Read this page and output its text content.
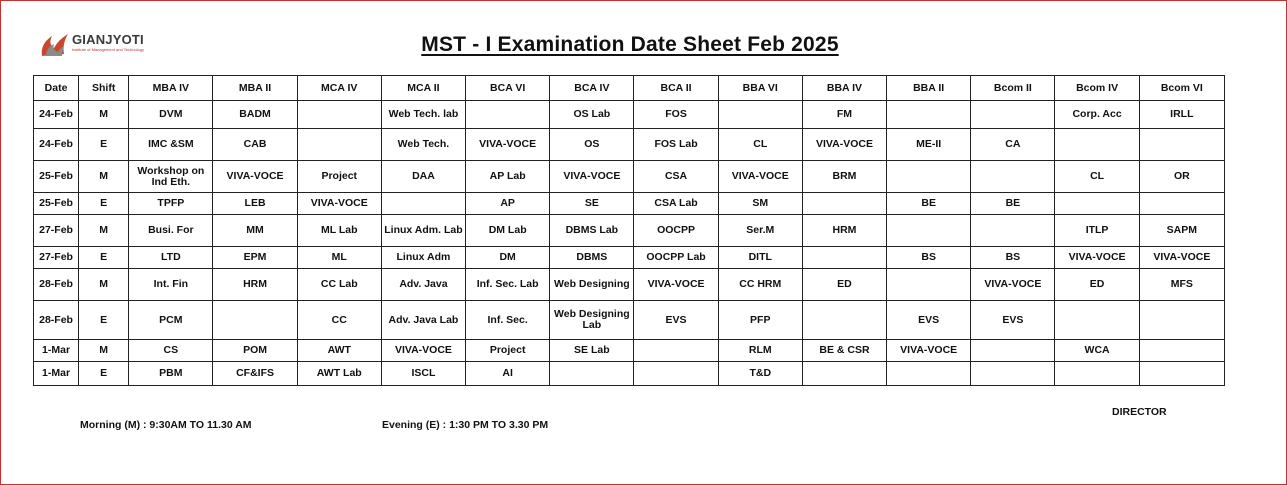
GIANJYOTI
Institute of Management and Technology	MST - I Examination Date Sheet Feb 2025
Date	Shift	MBA IV	MBA II	MCA IV	MCA II	BCA VI	BCA IV	BCA II	BBA VI	BBA IV	BBA II	Bcom II	Bcom IV	Bcom VI
24-Feb	M	DVM	BADM		Web Tech. lab		OS Lab	FOS		FM			Corp. Acc	IRLL
24-Feb	E	IMC &SM	CAB		Web Tech.	VIVA-VOCE	OS	FOS Lab	CL	VIVA-VOCE	ME-II	CA		
25-Feb	M	Workshop on Ind Eth.	VIVA-VOCE	Project	DAA	AP Lab	VIVA-VOCE	CSA	VIVA-VOCE	BRM			CL	OR
25-Feb	E	TPFP	LEB	VIVA-VOCE		AP	SE	CSA Lab	SM		BE	BE		
27-Feb	M	Busi. For	MM	ML Lab	Linux Adm. Lab	DM Lab	DBMS Lab	OOCPP	Ser.M	HRM			ITLP	SAPM
27-Feb	E	LTD	EPM	ML	Linux Adm	DM	DBMS	OOCPP Lab	DITL		BS	BS	VIVA-VOCE	VIVA-VOCE
28-Feb	M	Int. Fin	HRM	CC Lab	Adv. Java	Inf. Sec. Lab	Web Designing	VIVA-VOCE	CC HRM	ED		VIVA-VOCE	ED	MFS
28-Feb	E	PCM		CC	Adv. Java Lab	Inf. Sec.	Web Designing Lab	EVS	PFP		EVS	EVS		
1-Mar	M	CS	POM	AWT	VIVA-VOCE	Project	SE Lab		RLM	BE & CSR	VIVA-VOCE		WCA	
1-Mar	E	PBM	CF&IFS	AWT Lab	ISCL	AI			T&D					
Morning (M) : 9:30AM TO 11.30 AM	Evening (E) : 1:30 PM TO 3.30 PM
DIRECTOR
